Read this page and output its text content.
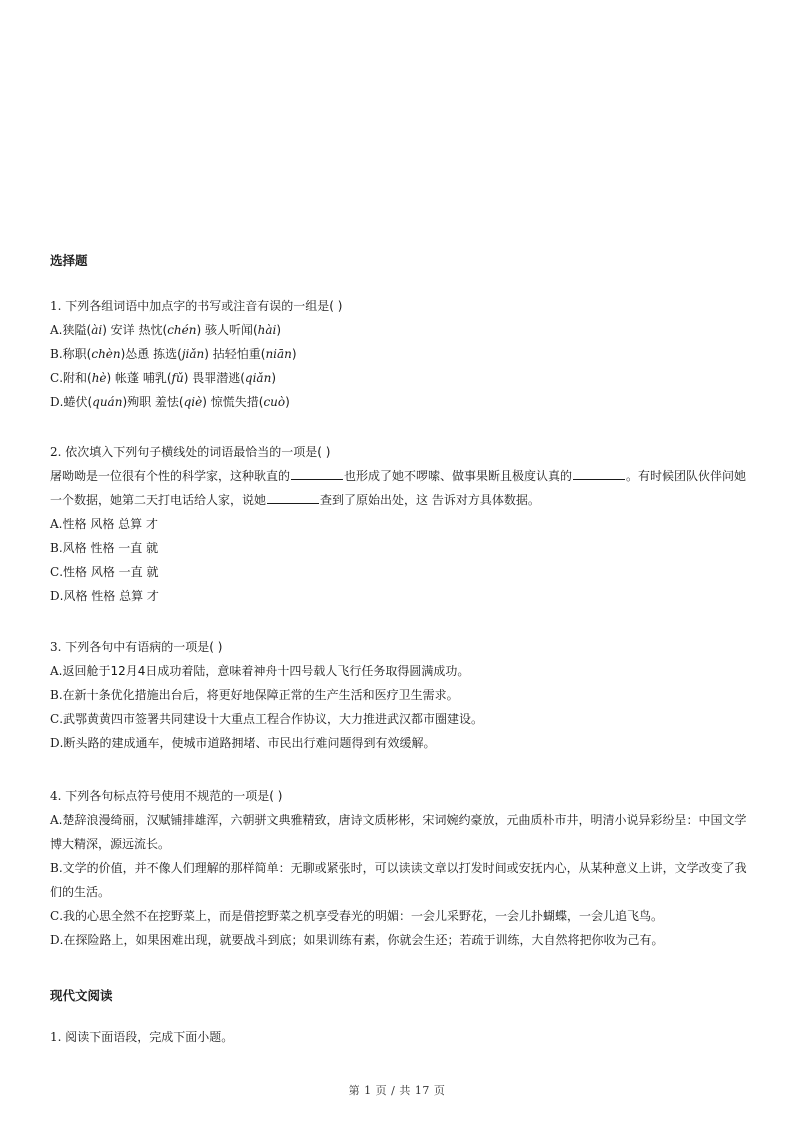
选择题
1. 下列各组词语中加点字的书写或注音有误的一组是( )
A.狭隘(ài) 安详 热忱(chén) 骇人听闻(hài)
B.称职(chèn)怂恿 拣选(jiǎn) 拈轻怕重(niān)
C.附和(hè) 帐蓬 哺乳(fǔ) 畏罪潜逃(qiǎn)
D.蜷伏(quán)殉职 羞怯(qiè) 惊慌失措(cuò)
2. 依次填入下列句子横线处的词语最恰当的一项是( )
屠呦呦是一位很有个性的科学家，这种耿直的	也形成了她不啰嗦、做事果断且极度认真的	。有时候团队伙伴问她一个数据，她第二天打电话给人家，说她	查到了原始出处，这 告诉对方具体数据。
A.性格 风格 总算 才
B.风格 性格 一直 就
C.性格 风格 一直 就
D.风格 性格 总算 才
3. 下列各句中有语病的一项是( )
A.返回舱于12月4日成功着陆，意味着神舟十四号载人飞行任务取得圆满成功。
B.在新十条优化措施出台后，将更好地保障正常的生产生活和医疗卫生需求。
C.武鄂黄黄四市签署共同建设十大重点工程合作协议，大力推进武汉都市圈建设。
D.断头路的建成通车，使城市道路拥堵、市民出行难问题得到有效缓解。
4. 下列各句标点符号使用不规范的一项是( )
A.楚辞浪漫绮丽，汉赋铺排雄浑，六朝骈文典雅精致，唐诗文质彬彬，宋词婉约豪放，元曲质朴市井，明清小说异彩纷呈：中国文学博大精深，源远流长。
B.文学的价值，并不像人们理解的那样简单：无聊或紧张时，可以读读文章以打发时间或安抚内心，从某种意义上讲，文学改变了我们的生活。
C.我的心思全然不在挖野菜上，而是借挖野菜之机享受春光的明媚：一会儿采野花，一会儿扑蝴蝶，一会儿追飞鸟。
D.在探险路上，如果困难出现，就要战斗到底；如果训练有素，你就会生还；若疏于训练，大自然将把你收为己有。
现代文阅读
1. 阅读下面语段，完成下面小题。
第 1 页 / 共 17 页
